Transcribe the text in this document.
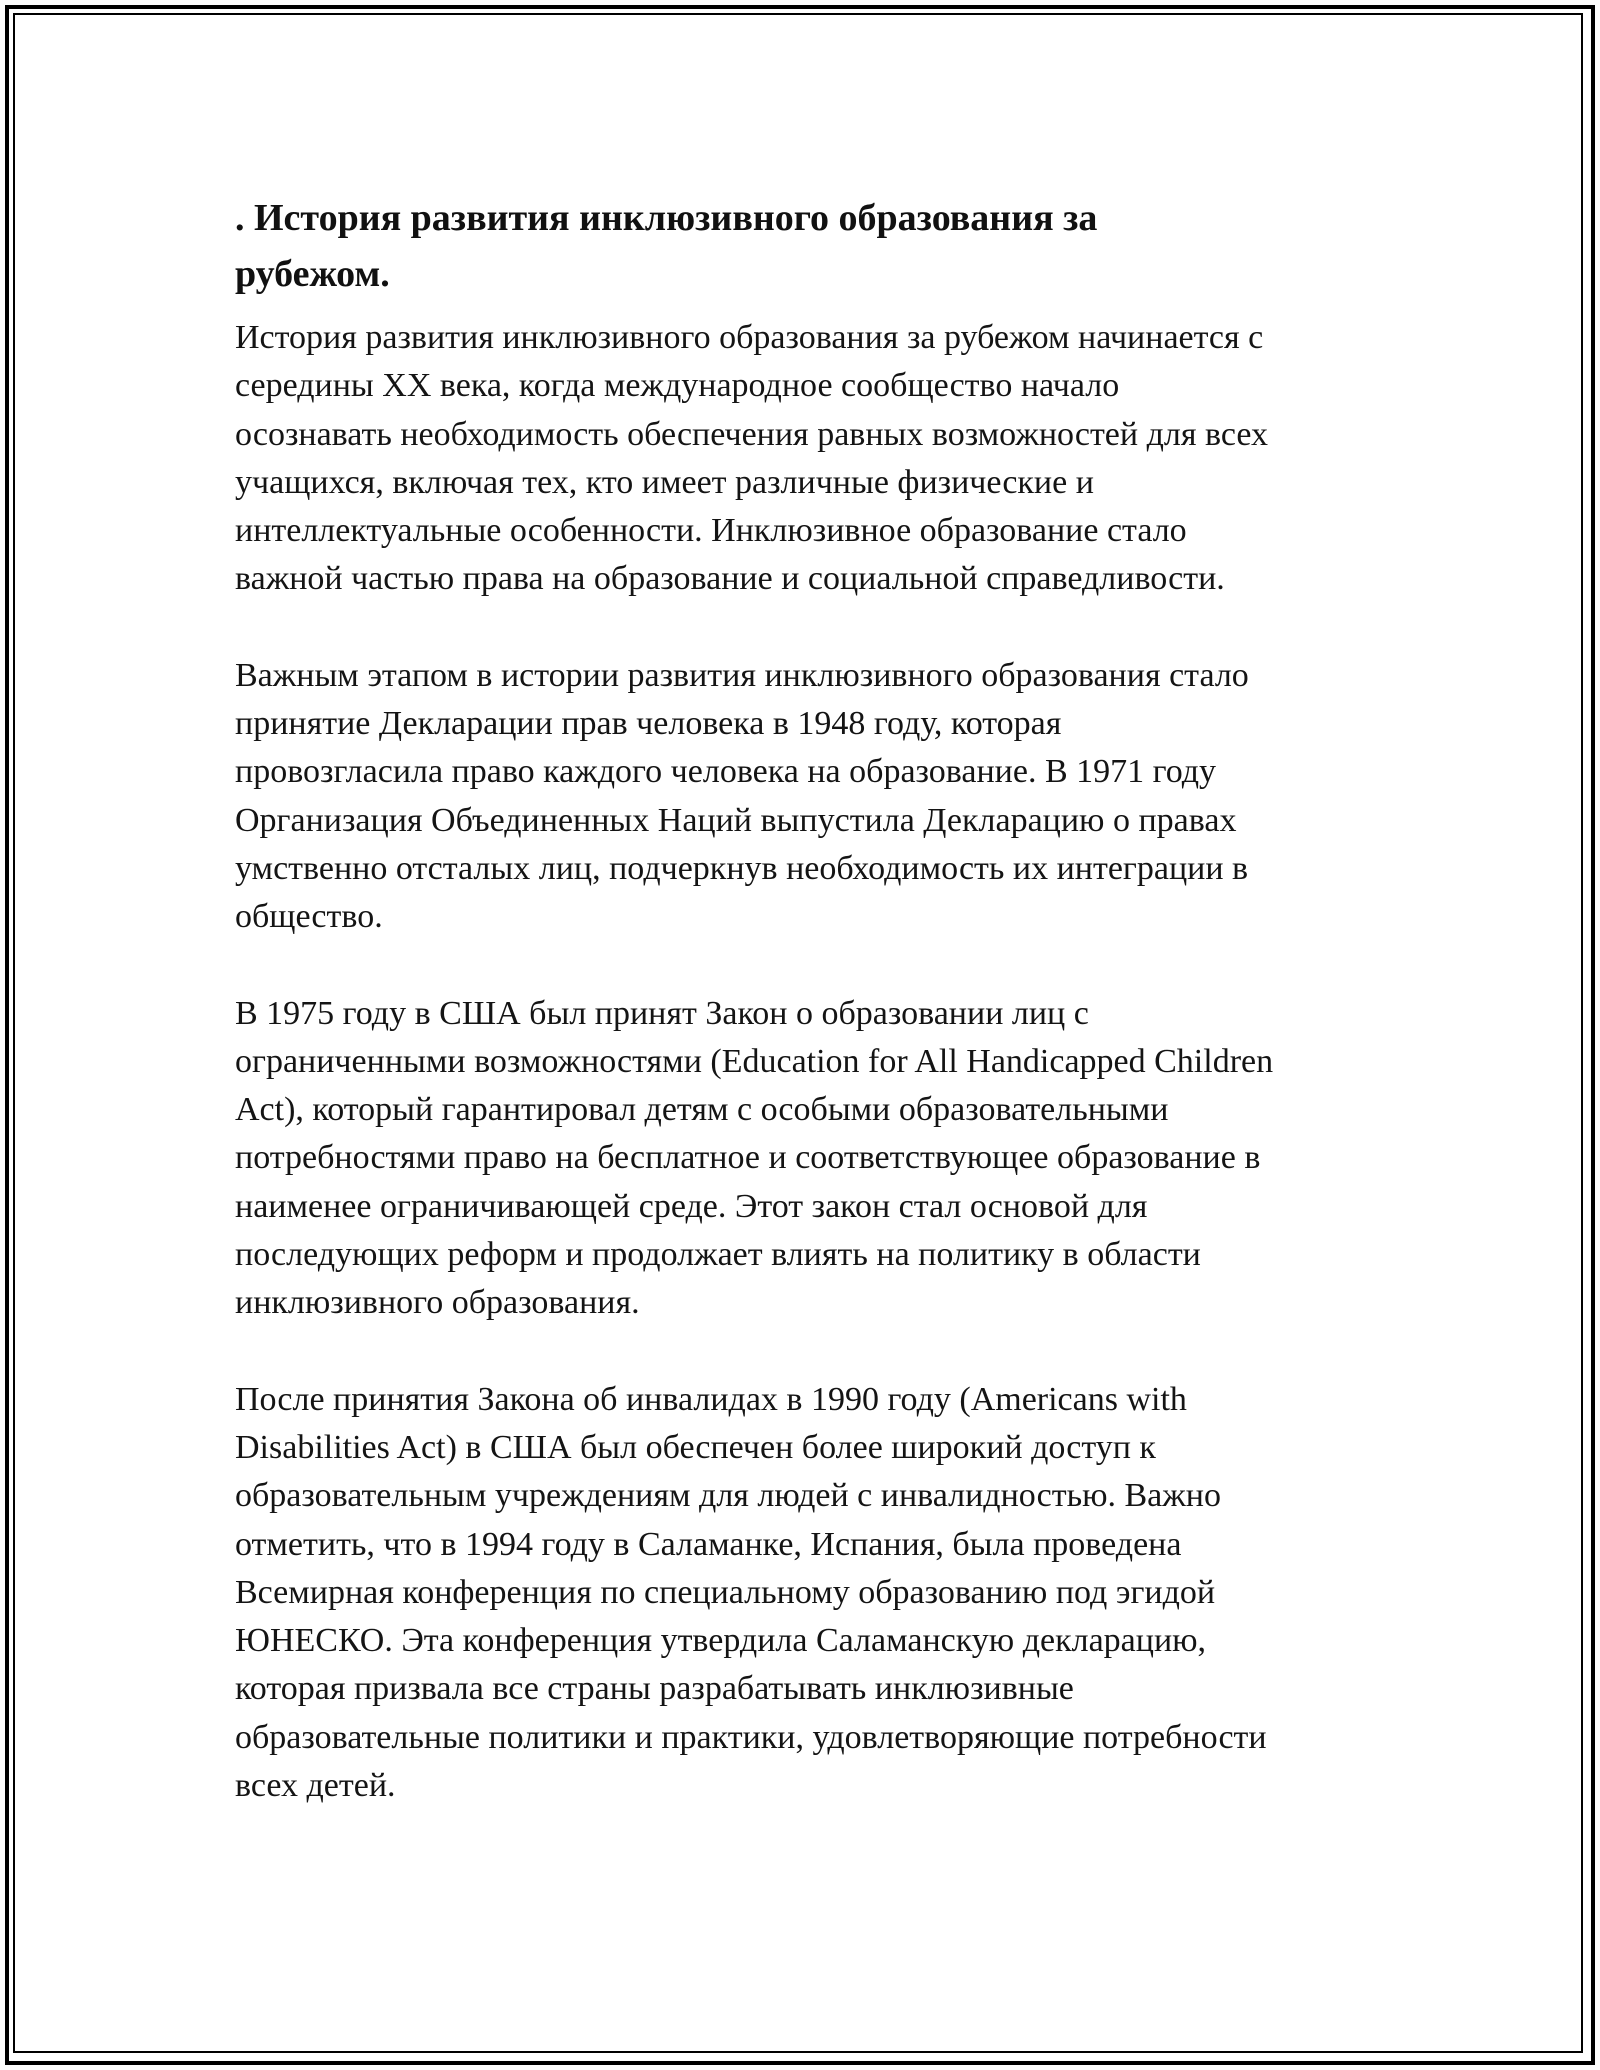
. История развития инклюзивного образования за
рубежом.

История развития инклюзивного образования за рубежом начинается с
середины XX века, когда международное сообщество начало
осознавать необходимость обеспечения равных возможностей для всех
учащихся, включая тех, кто имеет различные физические и
интеллектуальные особенности. Инклюзивное образование стало
важной частью права на образование и социальной справедливости.

Важным этапом в истории развития инклюзивного образования стало
принятие Декларации прав человека в 1948 году, которая
провозгласила право каждого человека на образование. В 1971 году
Организация Объединенных Наций выпустила Декларацию о правах
умственно отсталых лиц, подчеркнув необходимость их интеграции в
общество.

В 1975 году в США был принят Закон о образовании лиц с
ограниченными возможностями (Education for All Handicapped Children
Act), который гарантировал детям с особыми образовательными
потребностями право на бесплатное и соответствующее образование в
наименее ограничивающей среде. Этот закон стал основой для
последующих реформ и продолжает влиять на политику в области
инклюзивного образования.

После принятия Закона об инвалидах в 1990 году (Americans with
Disabilities Act) в США был обеспечен более широкий доступ к
образовательным учреждениям для людей с инвалидностью. Важно
отметить, что в 1994 году в Саламанке, Испания, была проведена
Всемирная конференция по специальному образованию под эгидой
ЮНЕСКО. Эта конференция утвердила Саламанскую декларацию,
которая призвала все страны разрабатывать инклюзивные
образовательные политики и практики, удовлетворяющие потребности
всех детей.
